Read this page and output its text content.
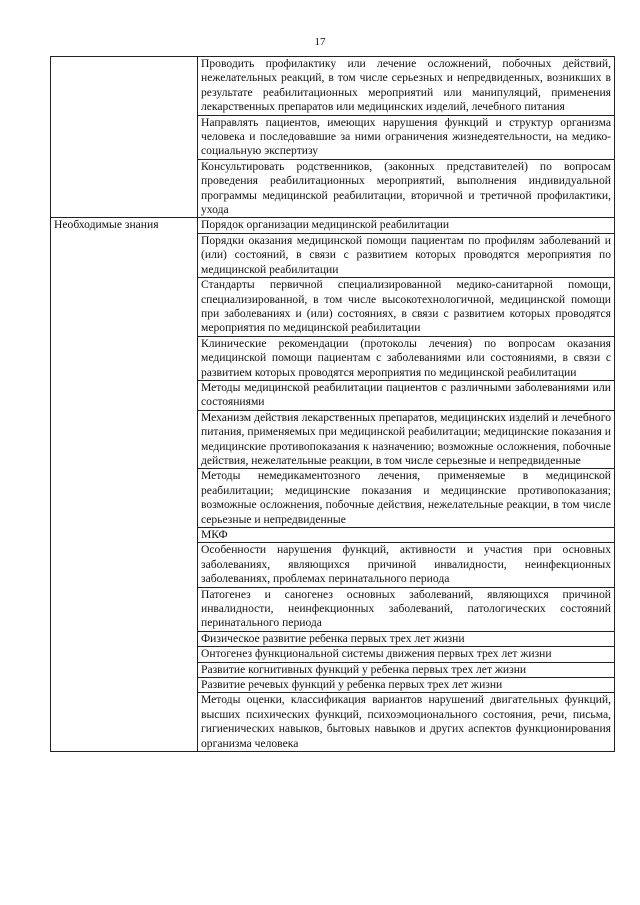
17
	Проводить профилактику или лечение осложнений, побочных действий, нежелательных реакций, в том числе серьезных и непредвиденных, возникших в результате реабилитационных мероприятий или манипуляций, применения лекарственных препаратов или медицинских изделий, лечебного питания
	Направлять пациентов, имеющих нарушения функций и структур организма человека и последовавшие за ними ограничения жизнедеятельности, на медико-социальную экспертизу
	Консультировать родственников, (законных представителей) по вопросам проведения реабилитационных мероприятий, выполнения индивидуальной программы медицинской реабилитации, вторичной и третичной профилактики, ухода
Необходимые знания	Порядок организации медицинской реабилитации
	Порядки оказания медицинской помощи пациентам по профилям заболеваний и (или) состояний, в связи с развитием которых проводятся мероприятия по медицинской реабилитации
	Стандарты первичной специализированной медико-санитарной помощи, специализированной, в том числе высокотехнологичной, медицинской помощи при заболеваниях и (или) состояниях, в связи с развитием которых проводятся мероприятия по медицинской реабилитации
	Клинические рекомендации (протоколы лечения) по вопросам оказания медицинской помощи пациентам с заболеваниями или состояниями, в связи с развитием которых проводятся мероприятия по медицинской реабилитации
	Методы медицинской реабилитации пациентов с различными заболеваниями или состояниями
	Механизм действия лекарственных препаратов, медицинских изделий и лечебного питания, применяемых при медицинской реабилитации; медицинские показания и медицинские противопоказания к назначению; возможные осложнения, побочные действия, нежелательные реакции, в том числе серьезные и непредвиденные
	Методы немедикаментозного лечения, применяемые в медицинской реабилитации; медицинские показания и медицинские противопоказания; возможные осложнения, побочные действия, нежелательные реакции, в том числе серьезные и непредвиденные
	МКФ
	Особенности нарушения функций, активности и участия при основных заболеваниях, являющихся причиной инвалидности, неинфекционных заболеваниях, проблемах перинатального периода
	Патогенез и саногенез основных заболеваний, являющихся причиной инвалидности, неинфекционных заболеваний, патологических состояний перинатального периода
	Физическое развитие ребенка первых трех лет жизни
	Онтогенез функциональной системы движения первых трех лет жизни
	Развитие когнитивных функций у ребенка первых трех лет жизни
	Развитие речевых функций у ребенка первых трех лет жизни
	Методы оценки, классификация вариантов нарушений двигательных функций, высших психических функций, психоэмоционального состояния, речи, письма, гигиенических навыков, бытовых навыков и других аспектов функционирования организма человека
